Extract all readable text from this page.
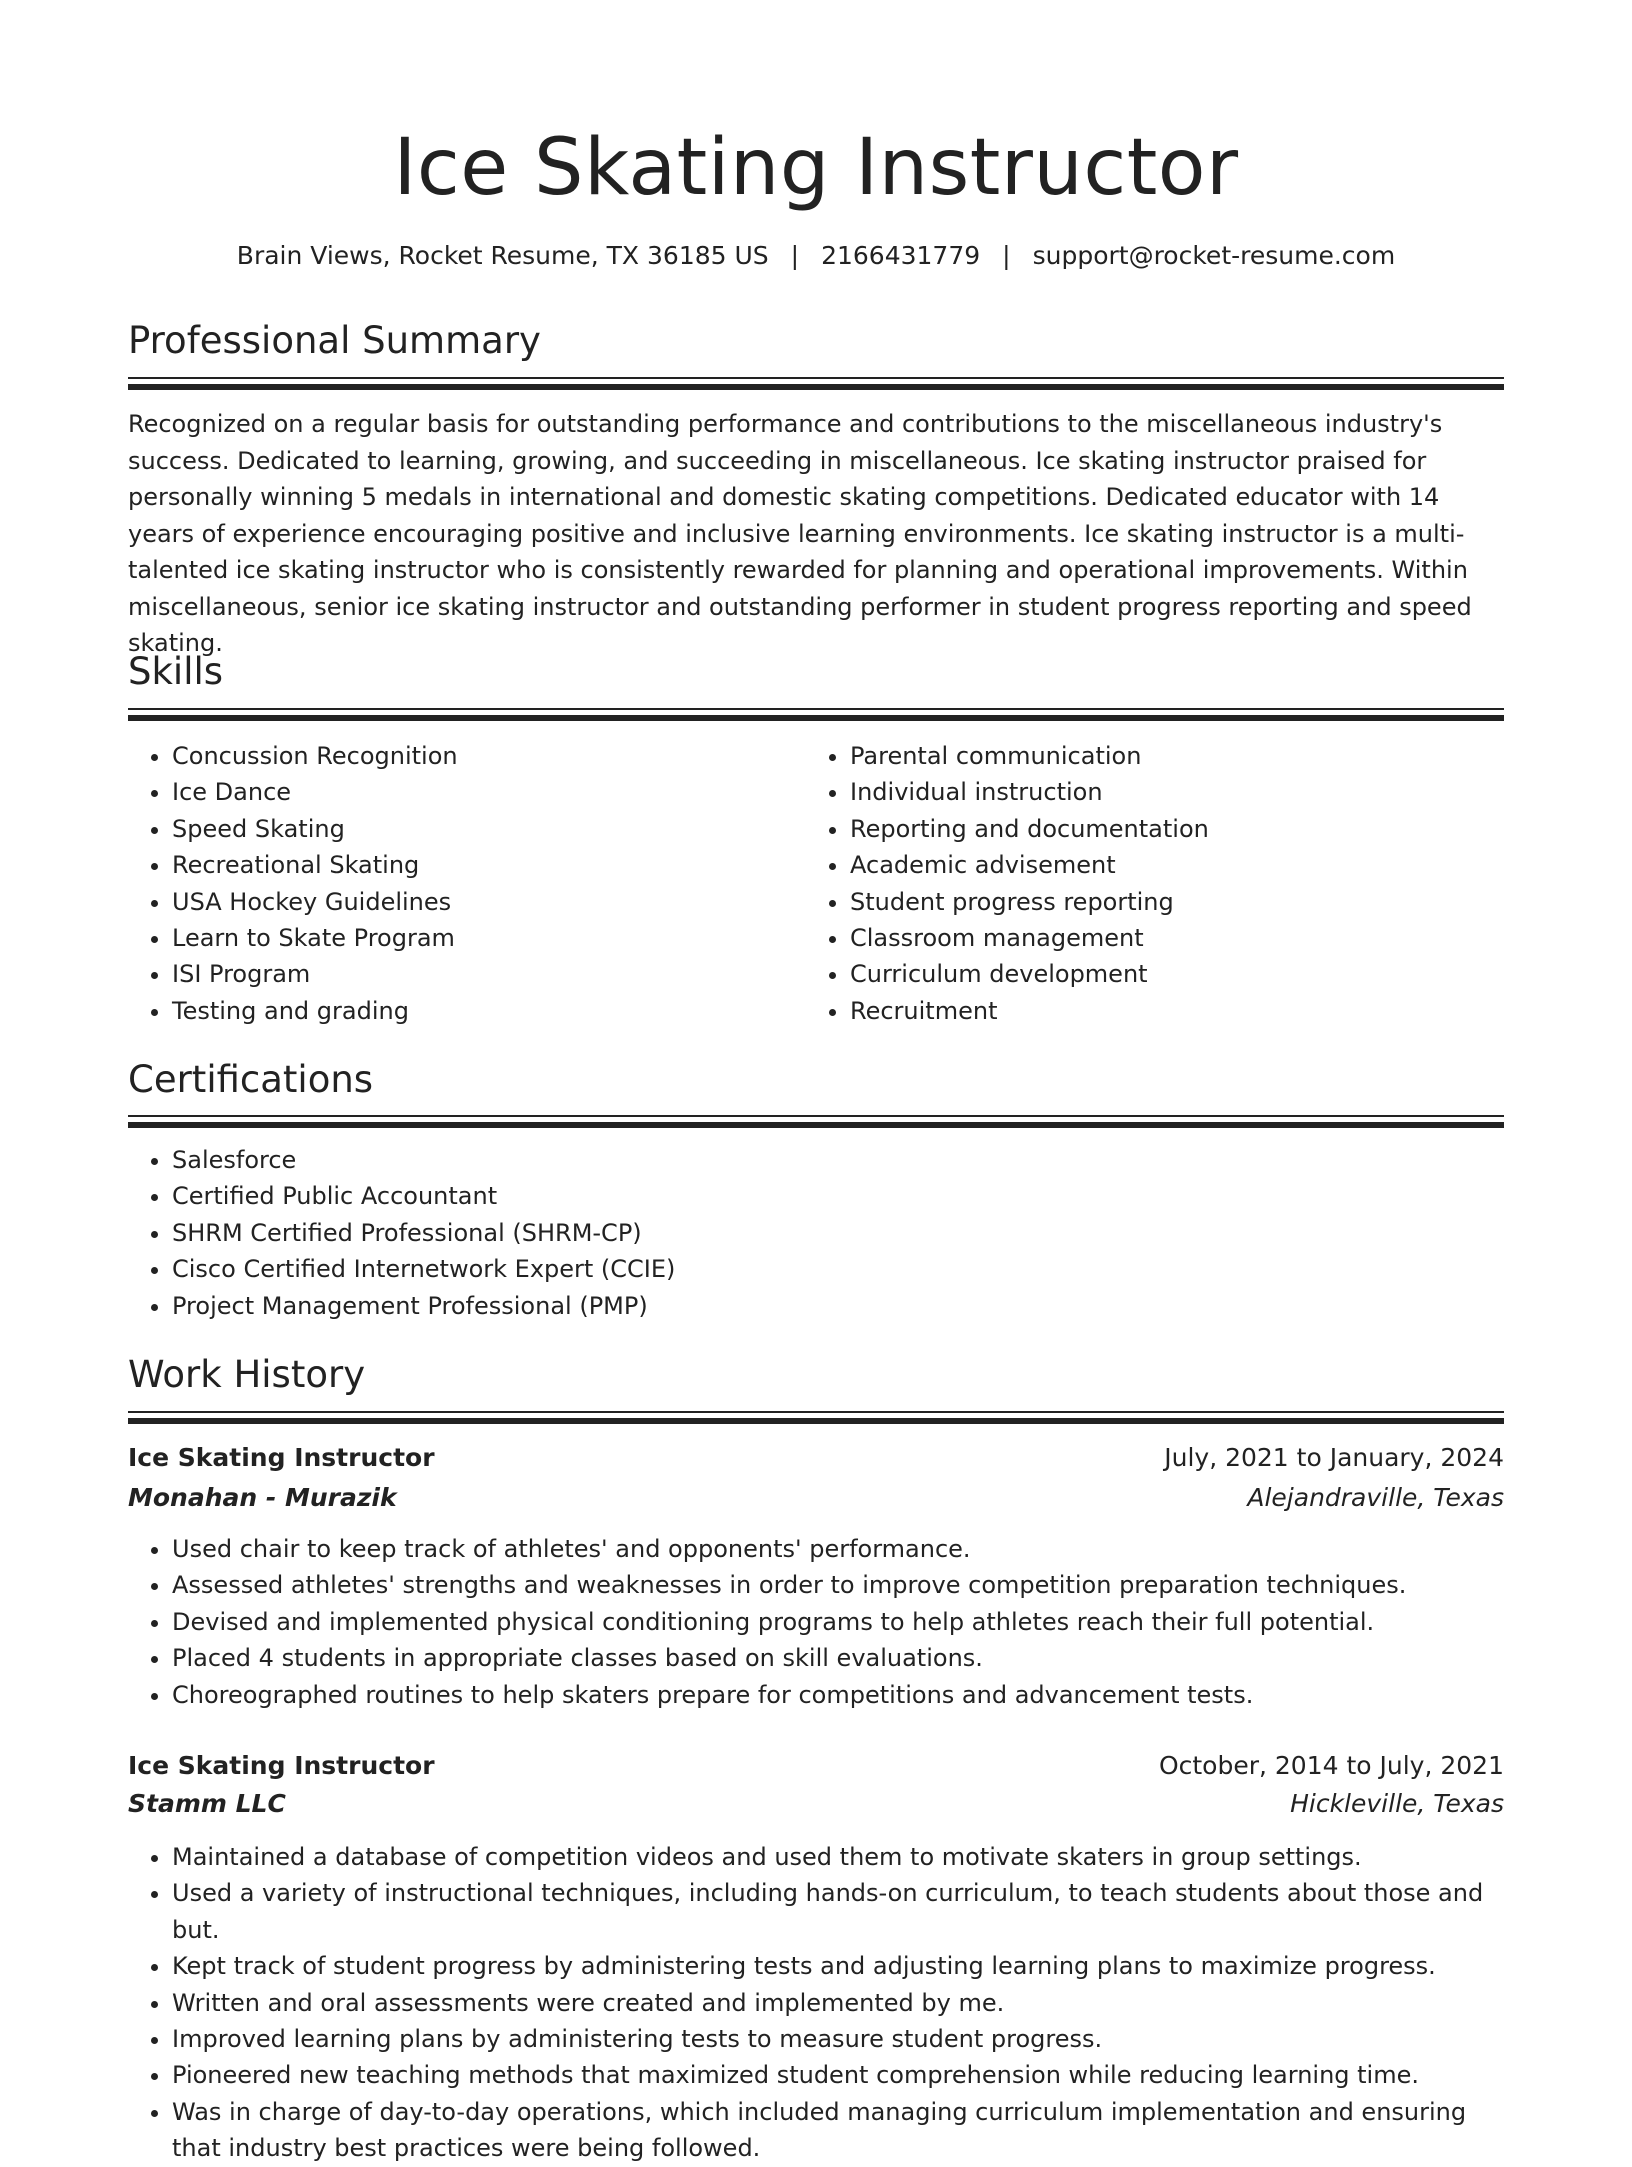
Ice Skating Instructor
Brain Views, Rocket Resume, TX 36185 US | 2166431779 | support@rocket-resume.com
Professional Summary

Recognized on a regular basis for outstanding performance and contributions to the miscellaneous industry's success. Dedicated to learning, growing, and succeeding in miscellaneous. Ice skating instructor praised for personally winning 5 medals in international and domestic skating competitions. Dedicated educator with 14 years of experience encouraging positive and inclusive learning environments. Ice skating instructor is a multi-talented ice skating instructor who is consistently rewarded for planning and operational improvements. Within miscellaneous, senior ice skating instructor and outstanding performer in student progress reporting and speed skating.

Skills
• Concussion Recognition
• Ice Dance
• Speed Skating
• Recreational Skating
• USA Hockey Guidelines
• Learn to Skate Program
• ISI Program
• Testing and grading
• Parental communication
• Individual instruction
• Reporting and documentation
• Academic advisement
• Student progress reporting
• Classroom management
• Curriculum development
• Recruitment
Certifications
• Salesforce
• Certified Public Accountant
• SHRM Certified Professional (SHRM-CP)
• Cisco Certified Internetwork Expert (CCIE)
• Project Management Professional (PMP)
Work History
Ice Skating Instructor	July, 2021 to January, 2024
Monahan - Murazik	Alejandraville, Texas
• Used chair to keep track of athletes' and opponents' performance.
• Assessed athletes' strengths and weaknesses in order to improve competition preparation techniques.
• Devised and implemented physical conditioning programs to help athletes reach their full potential.
• Placed 4 students in appropriate classes based on skill evaluations.
• Choreographed routines to help skaters prepare for competitions and advancement tests.
Ice Skating Instructor	October, 2014 to July, 2021
Stamm LLC	Hickleville, Texas
• Maintained a database of competition videos and used them to motivate skaters in group settings.
• Used a variety of instructional techniques, including hands-on curriculum, to teach students about those and but.
• Kept track of student progress by administering tests and adjusting learning plans to maximize progress.
• Written and oral assessments were created and implemented by me.
• Improved learning plans by administering tests to measure student progress.
• Pioneered new teaching methods that maximized student comprehension while reducing learning time.
• Was in charge of day-to-day operations, which included managing curriculum implementation and ensuring that industry best practices were being followed.
